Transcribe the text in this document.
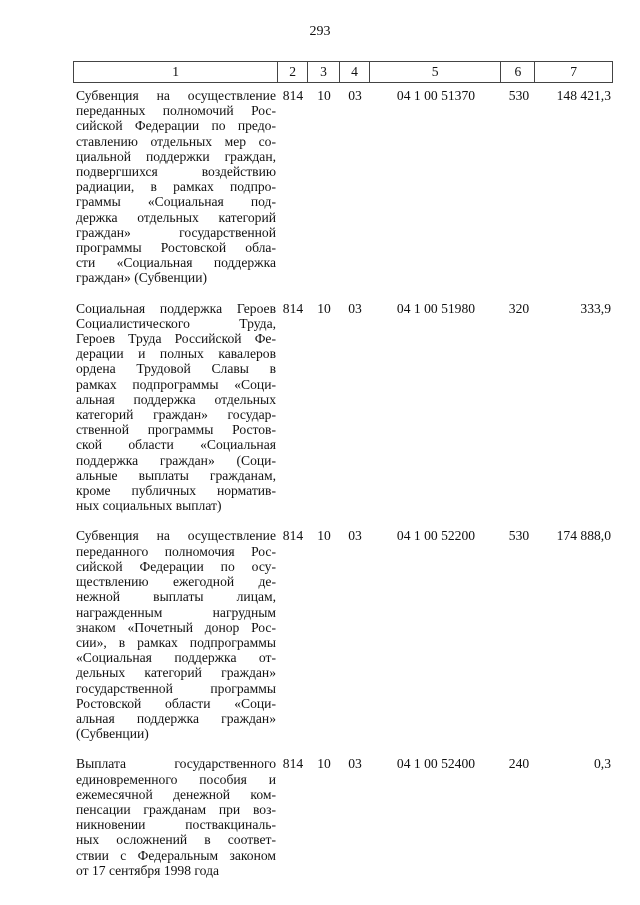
293
1	2	3	4	5	6	7
Субвенция на осуществление
переданных полномочий Рос-
сийской Федерации по предо-
ставлению отдельных мер со-
циальной поддержки граждан,
подвергшихся воздействию
радиации, в рамках подпро-
граммы «Социальная под-
держка отдельных категорий
граждан» государственной
программы Ростовской обла-
сти «Социальная поддержка
граждан» (Субвенции)
814	10	03	04 1 00 51370	530	148 421,3
Социальная поддержка Героев
Социалистического Труда,
Героев Труда Российской Фе-
дерации и полных кавалеров
ордена Трудовой Славы в
рамках подпрограммы «Соци-
альная поддержка отдельных
категорий граждан» государ-
ственной программы Ростов-
ской области «Социальная
поддержка граждан» (Соци-
альные выплаты гражданам,
кроме публичных норматив-
ных социальных выплат)
814	10	03	04 1 00 51980	320	333,9
Субвенция на осуществление
переданного полномочия Рос-
сийской Федерации по осу-
ществлению ежегодной де-
нежной выплаты лицам,
награжденным нагрудным
знаком «Почетный донор Рос-
сии», в рамках подпрограммы
«Социальная поддержка от-
дельных категорий граждан»
государственной программы
Ростовской области «Соци-
альная поддержка граждан»
(Субвенции)
814	10	03	04 1 00 52200	530	174 888,0
Выплата государственного
единовременного пособия и
ежемесячной денежной ком-
пенсации гражданам при воз-
никновении поствакциналь-
ных осложнений в соответ-
ствии с Федеральным законом
от 17 сентября 1998 года
814	10	03	04 1 00 52400	240	0,3
